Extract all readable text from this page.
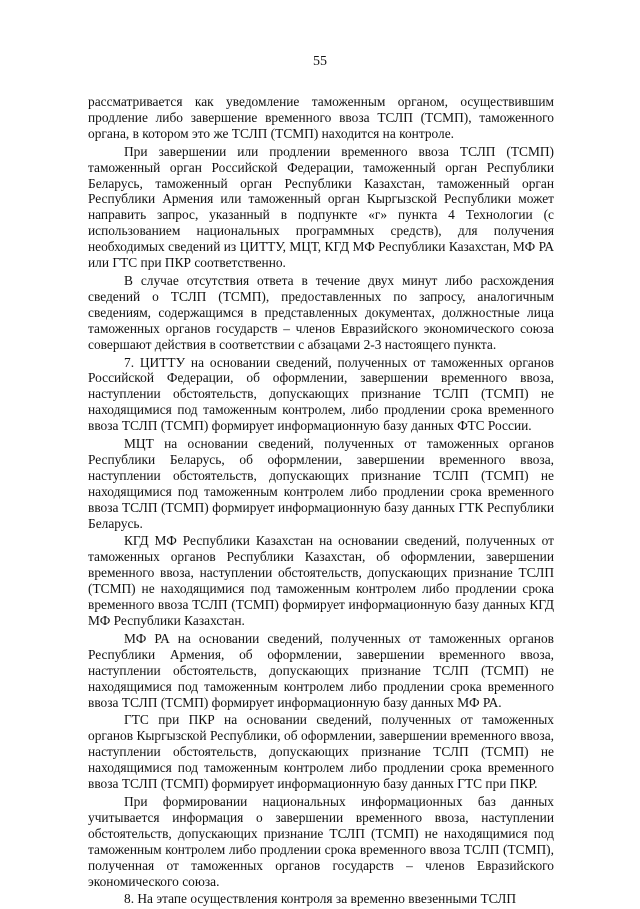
55

рассматривается как уведомление таможенным органом, осуществившим продление либо завершение временного ввоза ТСЛП (ТСМП), таможенного органа, в котором это же ТСЛП (ТСМП) находится на контроле.

При завершении или продлении временного ввоза ТСЛП (ТСМП) таможенный орган Российской Федерации, таможенный орган Республики Беларусь, таможенный орган Республики Казахстан, таможенный орган Республики Армения или таможенный орган Кыргызской Республики может направить запрос, указанный в подпункте «г» пункта 4 Технологии (с использованием национальных программных средств), для получения необходимых сведений из ЦИТТУ, МЦТ, КГД МФ Республики Казахстан, МФ РА или ГТС при ПКР соответственно.

В случае отсутствия ответа в течение двух минут либо расхождения сведений о ТСЛП (ТСМП), предоставленных по запросу, аналогичным сведениям, содержащимся в представленных документах, должностные лица таможенных органов государств – членов Евразийского экономического союза совершают действия в соответствии с абзацами 2-3 настоящего пункта.

7. ЦИТТУ на основании сведений, полученных от таможенных органов Российской Федерации, об оформлении, завершении временного ввоза, наступлении обстоятельств, допускающих признание ТСЛП (ТСМП) не находящимися под таможенным контролем, либо продлении срока временного ввоза ТСЛП (ТСМП) формирует информационную базу данных ФТС России.

МЦТ на основании сведений, полученных от таможенных органов Республики Беларусь, об оформлении, завершении временного ввоза, наступлении обстоятельств, допускающих признание ТСЛП (ТСМП) не находящимися под таможенным контролем либо продлении срока временного ввоза ТСЛП (ТСМП) формирует информационную базу данных ГТК Республики Беларусь.

КГД МФ Республики Казахстан на основании сведений, полученных от таможенных органов Республики Казахстан, об оформлении, завершении временного ввоза, наступлении обстоятельств, допускающих признание ТСЛП (ТСМП) не находящимися под таможенным контролем либо продлении срока временного ввоза ТСЛП (ТСМП) формирует информационную базу данных КГД МФ Республики Казахстан.

МФ РА на основании сведений, полученных от таможенных органов Республики Армения, об оформлении, завершении временного ввоза, наступлении обстоятельств, допускающих признание ТСЛП (ТСМП) не находящимися под таможенным контролем либо продлении срока временного ввоза ТСЛП (ТСМП) формирует информационную базу данных МФ РА.

ГТС при ПКР на основании сведений, полученных от таможенных органов Кыргызской Республики, об оформлении, завершении временного ввоза, наступлении обстоятельств, допускающих признание ТСЛП (ТСМП) не находящимися под таможенным контролем либо продлении срока временного ввоза ТСЛП (ТСМП) формирует информационную базу данных ГТС при ПКР.

При формировании национальных информационных баз данных учитывается информация о завершении временного ввоза, наступлении обстоятельств, допускающих признание ТСЛП (ТСМП) не находящимися под таможенным контролем либо продлении срока временного ввоза ТСЛП (ТСМП), полученная от таможенных органов государств – членов Евразийского экономического союза.

8. На этапе осуществления контроля за временно ввезенными ТСЛП
